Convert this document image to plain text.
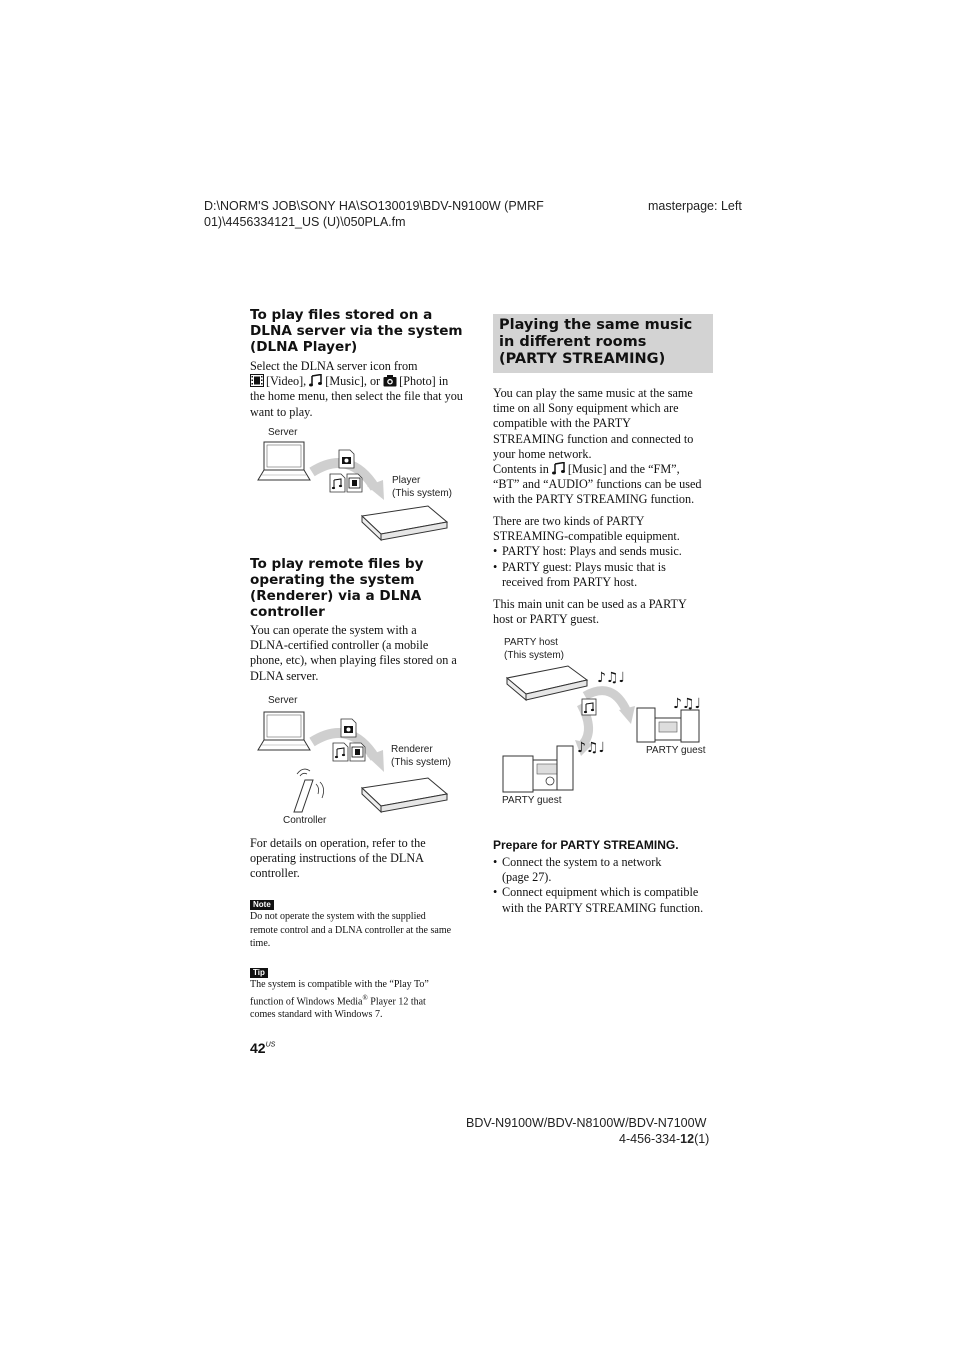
D:\NORM'S JOB\SONY HA\SO130019\BDV-N9100W (PMRF
01)\4456334121_US (U)\050PLA.fm
masterpage: Left
To play files stored on a
DLNA server via the system
(DLNA Player)
Select the DLNA server icon from
[Video], [Music], or [Photo] in
the home menu, then select the file that you
want to play.
Server
Player
(This system)
To play remote files by
operating the system
(Renderer) via a DLNA
controller
You can operate the system with a
DLNA-certified controller (a mobile
phone, etc), when playing files stored on a
DLNA server.
Server
Renderer
(This system)
Controller
For details on operation, refer to the
operating instructions of the DLNA
controller.
Note
Do not operate the system with the supplied
remote control and a DLNA controller at the same
time.
Tip
The system is compatible with the “Play To”
function of Windows Media® Player 12 that
comes standard with Windows 7.
$42^{US}$
Playing the same music
in different rooms
(PARTY STREAMING)
You can play the same music at the same
time on all Sony equipment which are
compatible with the PARTY
STREAMING function and connected to
your home network.
Contents in [Music] and the “FM”,
“BT” and “AUDIO” functions can be used
with the PARTY STREAMING function.
There are two kinds of PARTY
STREAMING-compatible equipment.
• PARTY host: Plays and sends music.
• PARTY guest: Plays music that is
received from PARTY host.
This main unit can be used as a PARTY
host or PARTY guest.
PARTY host
(This system)
PARTY guest
PARTY guest
♪♫♩
♪♫♩
♪♫♩
Prepare for PARTY STREAMING.
• Connect the system to a network
(page 27).
• Connect equipment which is compatible
with the PARTY STREAMING function.
BDV-N9100W/BDV-N8100W/BDV-N7100W
4-456-334-12(1)
